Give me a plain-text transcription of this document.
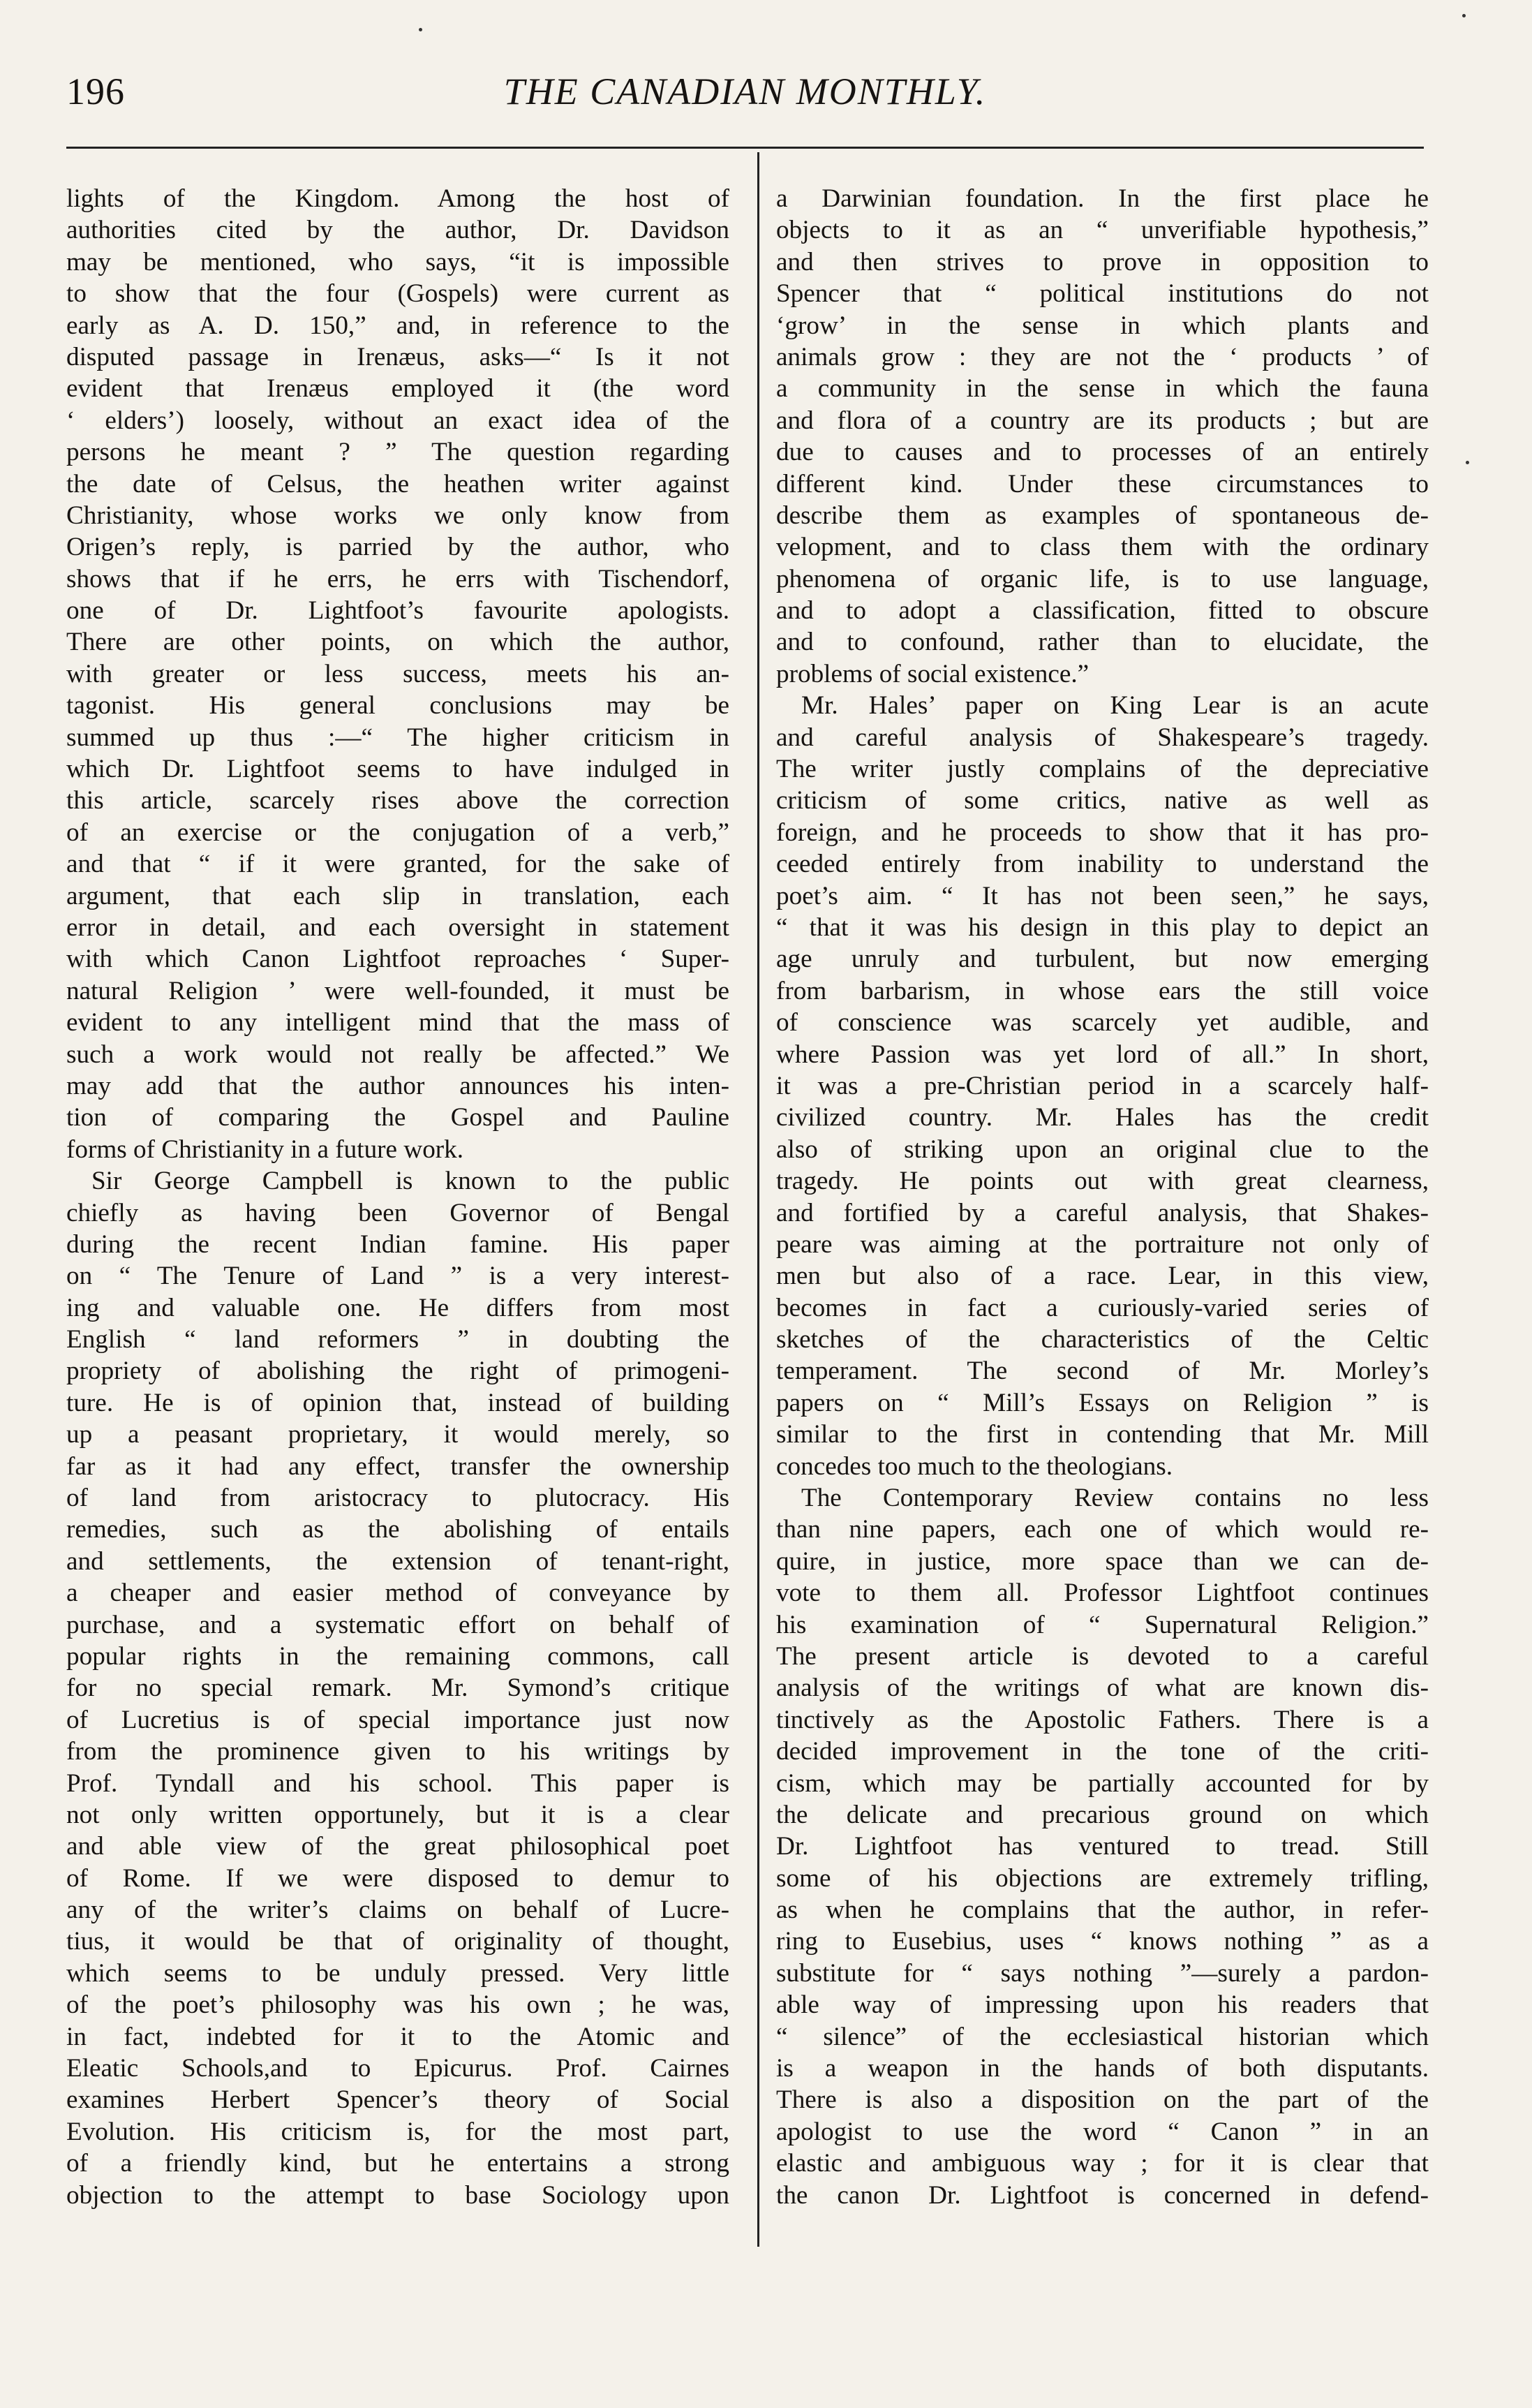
196	THE CANADIAN MONTHLY.
lights of the Kingdom. Among the host of
authorities cited by the author, Dr. Davidson
may be mentioned, who says, “it is impossible
to show that the four (Gospels) were current as
early as A. D. 150,” and, in reference to the
disputed passage in Irenæus, asks—“ Is it not
evident that Irenæus employed it (the word
‘ elders’) loosely, without an exact idea of the
persons he meant ? ” The question regarding
the date of Celsus, the heathen writer against
Christianity, whose works we only know from
Origen’s reply, is parried by the author, who
shows that if he errs, he errs with Tischendorf,
one of Dr. Lightfoot’s favourite apologists.
There are other points, on which the author,
with greater or less success, meets his an-
tagonist. His general conclusions may be
summed up thus :—“ The higher criticism in
which Dr. Lightfoot seems to have indulged in
this article, scarcely rises above the correction
of an exercise or the conjugation of a verb,”
and that “ if it were granted, for the sake of
argument, that each slip in translation, each
error in detail, and each oversight in statement
with which Canon Lightfoot reproaches ‘ Super-
natural Religion ’ were well-founded, it must be
evident to any intelligent mind that the mass of
such a work would not really be affected.” We
may add that the author announces his inten-
tion of comparing the Gospel and Pauline
forms of Christianity in a future work.
Sir George Campbell is known to the public
chiefly as having been Governor of Bengal
during the recent Indian famine. His paper
on “ The Tenure of Land ” is a very interest-
ing and valuable one. He differs from most
English “ land reformers ” in doubting the
propriety of abolishing the right of primogeni-
ture. He is of opinion that, instead of building
up a peasant proprietary, it would merely, so
far as it had any effect, transfer the ownership
of land from aristocracy to plutocracy. His
remedies, such as the abolishing of entails
and settlements, the extension of tenant-right,
a cheaper and easier method of conveyance by
purchase, and a systematic effort on behalf of
popular rights in the remaining commons, call
for no special remark. Mr. Symond’s critique
of Lucretius is of special importance just now
from the prominence given to his writings by
Prof. Tyndall and his school. This paper is
not only written opportunely, but it is a clear
and able view of the great philosophical poet
of Rome. If we were disposed to demur to
any of the writer’s claims on behalf of Lucre-
tius, it would be that of originality of thought,
which seems to be unduly pressed. Very little
of the poet’s philosophy was his own ; he was,
in fact, indebted for it to the Atomic and
Eleatic Schools,and to Epicurus. Prof. Cairnes
examines Herbert Spencer’s theory of Social
Evolution. His criticism is, for the most part,
of a friendly kind, but he entertains a strong
objection to the attempt to base Sociology upon
a Darwinian foundation. In the first place he
objects to it as an “ unverifiable hypothesis,”
and then strives to prove in opposition to
Spencer that “ political institutions do not
‘grow’ in the sense in which plants and
animals grow : they are not the ‘ products ’ of
a community in the sense in which the fauna
and flora of a country are its products ; but are
due to causes and to processes of an entirely
different kind. Under these circumstances to
describe them as examples of spontaneous de-
velopment, and to class them with the ordinary
phenomena of organic life, is to use language,
and to adopt a classification, fitted to obscure
and to confound, rather than to elucidate, the
problems of social existence.”
Mr. Hales’ paper on King Lear is an acute
and careful analysis of Shakespeare’s tragedy.
The writer justly complains of the depreciative
criticism of some critics, native as well as
foreign, and he proceeds to show that it has pro-
ceeded entirely from inability to understand the
poet’s aim. “ It has not been seen,” he says,
“ that it was his design in this play to depict an
age unruly and turbulent, but now emerging
from barbarism, in whose ears the still voice
of conscience was scarcely yet audible, and
where Passion was yet lord of all.” In short,
it was a pre-Christian period in a scarcely half-
civilized country. Mr. Hales has the credit
also of striking upon an original clue to the
tragedy. He points out with great clearness,
and fortified by a careful analysis, that Shakes-
peare was aiming at the portraiture not only of
men but also of a race. Lear, in this view,
becomes in fact a curiously-varied series of
sketches of the characteristics of the Celtic
temperament. The second of Mr. Morley’s
papers on “ Mill’s Essays on Religion ” is
similar to the first in contending that Mr. Mill
concedes too much to the theologians.
The Contemporary Review contains no less
than nine papers, each one of which would re-
quire, in justice, more space than we can de-
vote to them all. Professor Lightfoot continues
his examination of “ Supernatural Religion.”
The present article is devoted to a careful
analysis of the writings of what are known dis-
tinctively as the Apostolic Fathers. There is a
decided improvement in the tone of the criti-
cism, which may be partially accounted for by
the delicate and precarious ground on which
Dr. Lightfoot has ventured to tread. Still
some of his objections are extremely trifling,
as when he complains that the author, in refer-
ring to Eusebius, uses “ knows nothing ” as a
substitute for “ says nothing ”—surely a pardon-
able way of impressing upon his readers that
“ silence” of the ecclesiastical historian which
is a weapon in the hands of both disputants.
There is also a disposition on the part of the
apologist to use the word “ Canon ” in an
elastic and ambiguous way ; for it is clear that
the canon Dr. Lightfoot is concerned in defend-
